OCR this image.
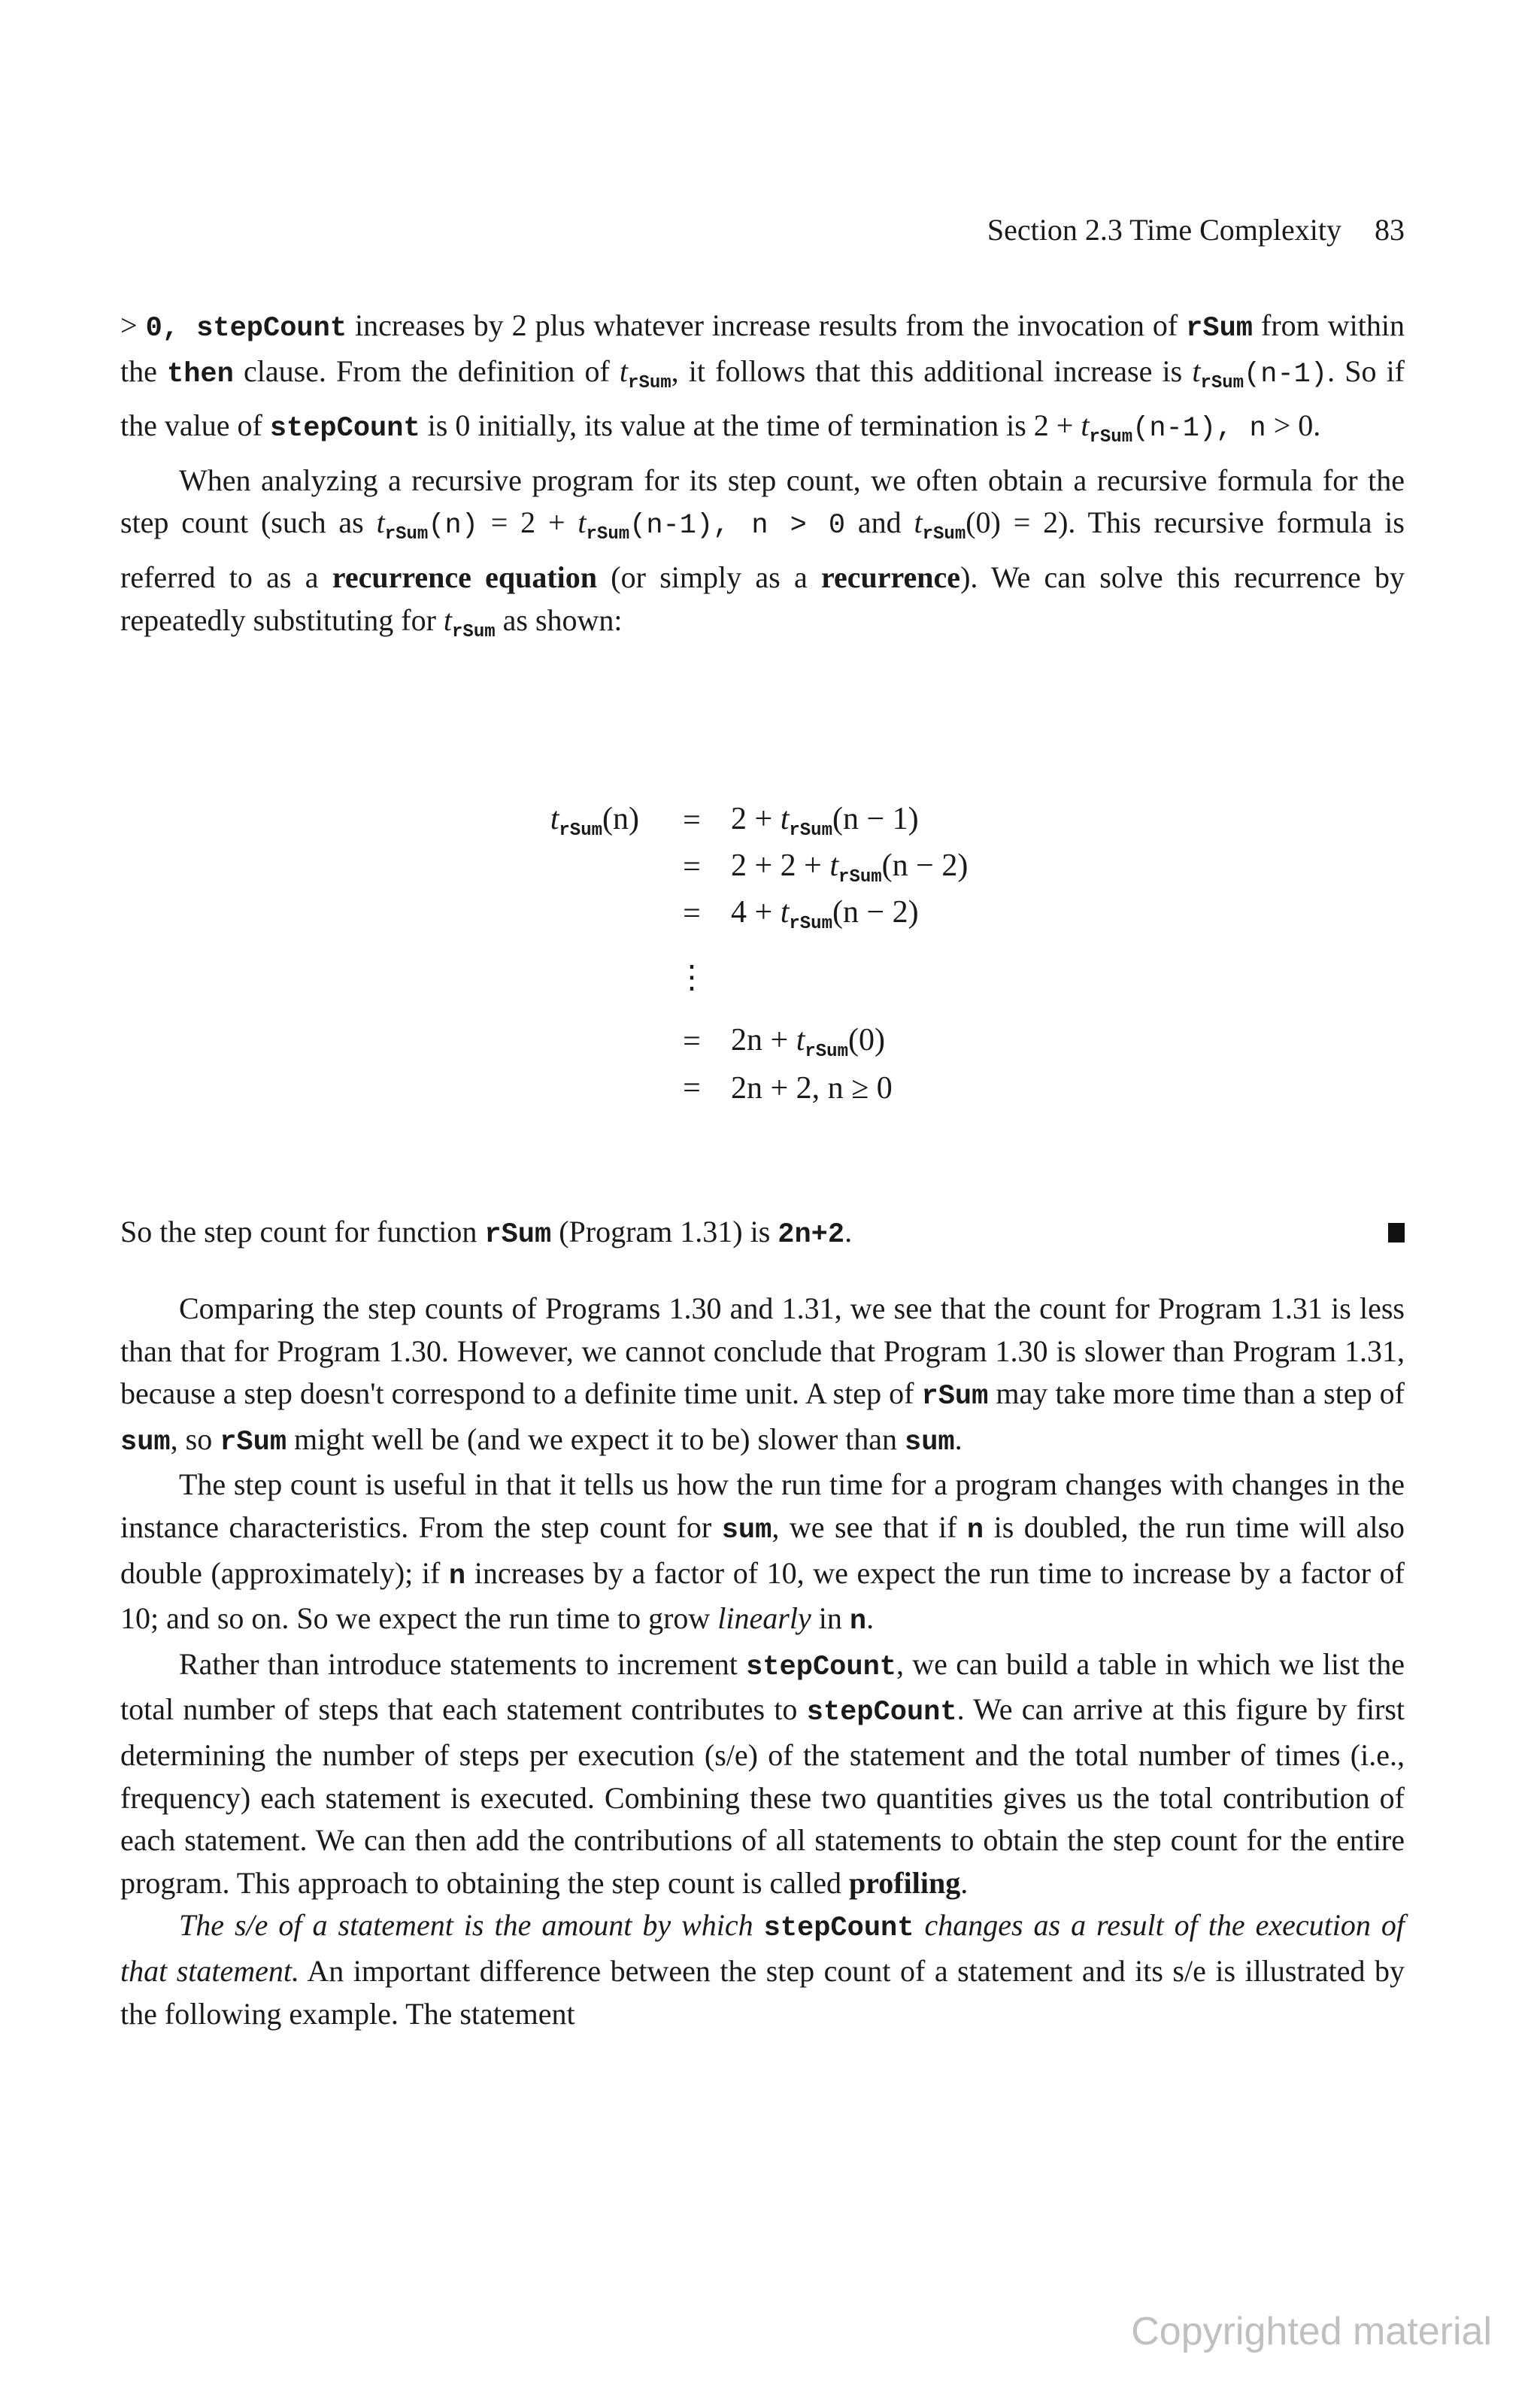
Section 2.3 Time Complexity 83

> 0, stepCount increases by 2 plus whatever increase results from the invocation of rSum from within the then clause. From the definition of $t_{rSum}$, it follows that this additional increase is $t_{rSum}(n-1)$. So if the value of stepCount is 0 initially, its value at the time of termination is $2 + t_{rSum}(n-1)$, n > 0.

When analyzing a recursive program for its step count, we often obtain a recursive formula for the step count (such as $t_{rSum}(n) = 2 + t_{rSum}(n-1)$, n > 0 and $t_{rSum}(0) = 2$). This recursive formula is referred to as a recurrence equation (or simply as a recurrence). We can solve this recurrence by repeatedly substituting for $t_{rSum}$ as shown:

$t_{rSum}(n)$	=	$2 + t_{rSum}(n - 1)$
	=	$2 + 2 + t_{rSum}(n - 2)$
	=	$4 + t_{rSum}(n - 2)$
	⋮	
	=	$2n + t_{rSum}(0)$
	=	2n + 2, n ≥ 0
So the step count for function rSum (Program 1.31) is 2n+2.

Comparing the step counts of Programs 1.30 and 1.31, we see that the count for Program 1.31 is less than that for Program 1.30. However, we cannot conclude that Program 1.30 is slower than Program 1.31, because a step doesn't correspond to a definite time unit. A step of rSum may take more time than a step of sum, so rSum might well be (and we expect it to be) slower than sum.

The step count is useful in that it tells us how the run time for a program changes with changes in the instance characteristics. From the step count for sum, we see that if n is doubled, the run time will also double (approximately); if n increases by a factor of 10, we expect the run time to increase by a factor of 10; and so on. So we expect the run time to grow linearly in n.

Rather than introduce statements to increment stepCount, we can build a table in which we list the total number of steps that each statement contributes to stepCount. We can arrive at this figure by first determining the number of steps per execution (s/e) of the statement and the total number of times (i.e., frequency) each statement is executed. Combining these two quantities gives us the total contribution of each statement. We can then add the contributions of all statements to obtain the step count for the entire program. This approach to obtaining the step count is called profiling.

The s/e of a statement is the amount by which stepCount changes as a result of the execution of that statement. An important difference between the step count of a statement and its s/e is illustrated by the following example. The statement

Copyrighted material
